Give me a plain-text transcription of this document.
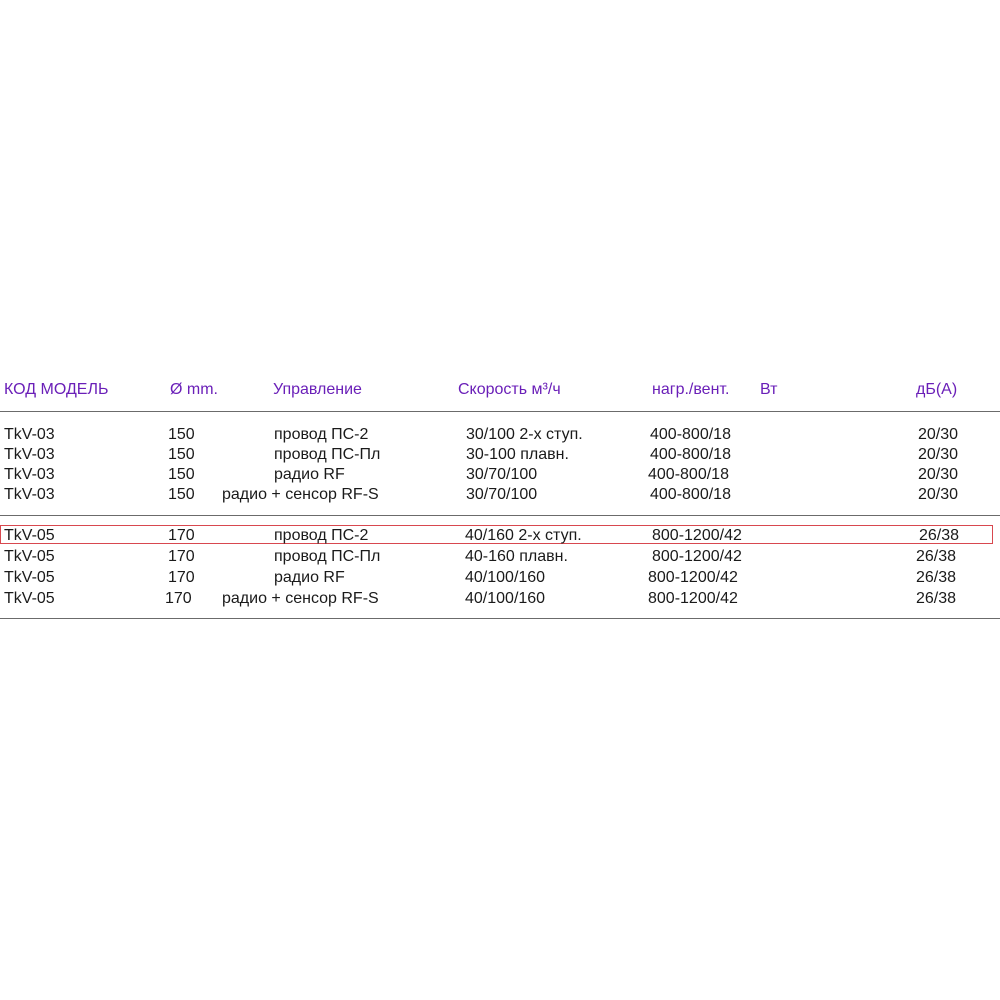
КОД МОДЕЛЬ	Ø mm.	Управление	Скорость м³/ч	нагр./вент. Вт	дБ(А)
TkV-03	150	провод ПС-2	30/100 2-х ступ.	400-800/18	20/30
TkV-03	150	провод ПС-Пл	30-100 плавн.	400-800/18	20/30
TkV-03	150	радио RF	30/70/100	400-800/18	20/30
TkV-03	150 радио + сенсор RF-S	30/70/100	400-800/18	20/30
TkV-05	170	провод ПС-2	40/160 2-х ступ.	800-1200/42	26/38
TkV-05	170	провод ПС-Пл	40-160 плавн.	800-1200/42	26/38
TkV-05	170	радио RF	40/100/160	800-1200/42	26/38
TkV-05	170 радио + сенсор RF-S	40/100/160	800-1200/42	26/38
